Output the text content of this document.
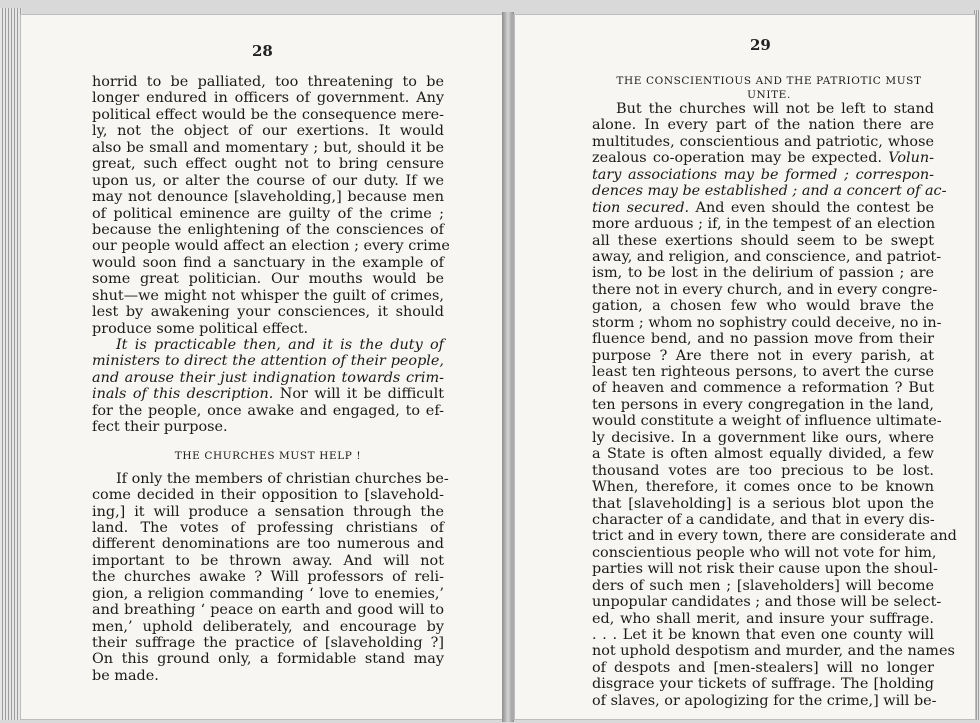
28
horrid to be palliated, too threatening to be
longer endured in officers of government. Any
political effect would be the consequence mere-
ly, not the object of our exertions. It would
also be small and momentary ; but, should it be
great, such effect ought not to bring censure
upon us, or alter the course of our duty. If we
may not denounce [slaveholding,] because men
of political eminence are guilty of the crime ;
because the enlightening of the consciences of
our people would affect an election ; every crime
would soon find a sanctuary in the example of
some great politician. Our mouths would be
shut—we might not whisper the guilt of crimes,
lest by awakening your consciences, it should
produce some political effect.
It is practicable then, and it is the duty of
ministers to direct the attention of their people,
and arouse their just indignation towards crim-
inals of this description. Nor will it be difficult
for the people, once awake and engaged, to ef-
fect their purpose.
THE CHURCHES MUST HELP !
If only the members of christian churches be-
come decided in their opposition to [slavehold-
ing,] it will produce a sensation through the
land. The votes of professing christians of
different denominations are too numerous and
important to be thrown away. And will not
the churches awake ? Will professors of reli-
gion, a religion commanding ‘ love to enemies,’
and breathing ‘ peace on earth and good will to
men,’ uphold deliberately, and encourage by
their suffrage the practice of [slaveholding ?]
On this ground only, a formidable stand may
be made.
29
THE CONSCIENTIOUS AND THE PATRIOTIC MUST
UNITE.
But the churches will not be left to stand
alone. In every part of the nation there are
multitudes, conscientious and patriotic, whose
zealous co-operation may be expected. Volun-
tary associations may be formed ; correspon-
dences may be established ; and a concert of ac-
tion secured. And even should the contest be
more arduous ; if, in the tempest of an election
all these exertions should seem to be swept
away, and religion, and conscience, and patriot-
ism, to be lost in the delirium of passion ; are
there not in every church, and in every congre-
gation, a chosen few who would brave the
storm ; whom no sophistry could deceive, no in-
fluence bend, and no passion move from their
purpose ? Are there not in every parish, at
least ten righteous persons, to avert the curse
of heaven and commence a reformation ? But
ten persons in every congregation in the land,
would constitute a weight of influence ultimate-
ly decisive. In a government like ours, where
a State is often almost equally divided, a few
thousand votes are too precious to be lost.
When, therefore, it comes once to be known
that [slaveholding] is a serious blot upon the
character of a candidate, and that in every dis-
trict and in every town, there are considerate and
conscientious people who will not vote for him,
parties will not risk their cause upon the shoul-
ders of such men ; [slaveholders] will become
unpopular candidates ; and those will be select-
ed, who shall merit, and insure your suffrage.
. . . Let it be known that even one county will
not uphold despotism and murder, and the names
of despots and [men-stealers] will no longer
disgrace your tickets of suffrage. The [holding
of slaves, or apologizing for the crime,] will be-
